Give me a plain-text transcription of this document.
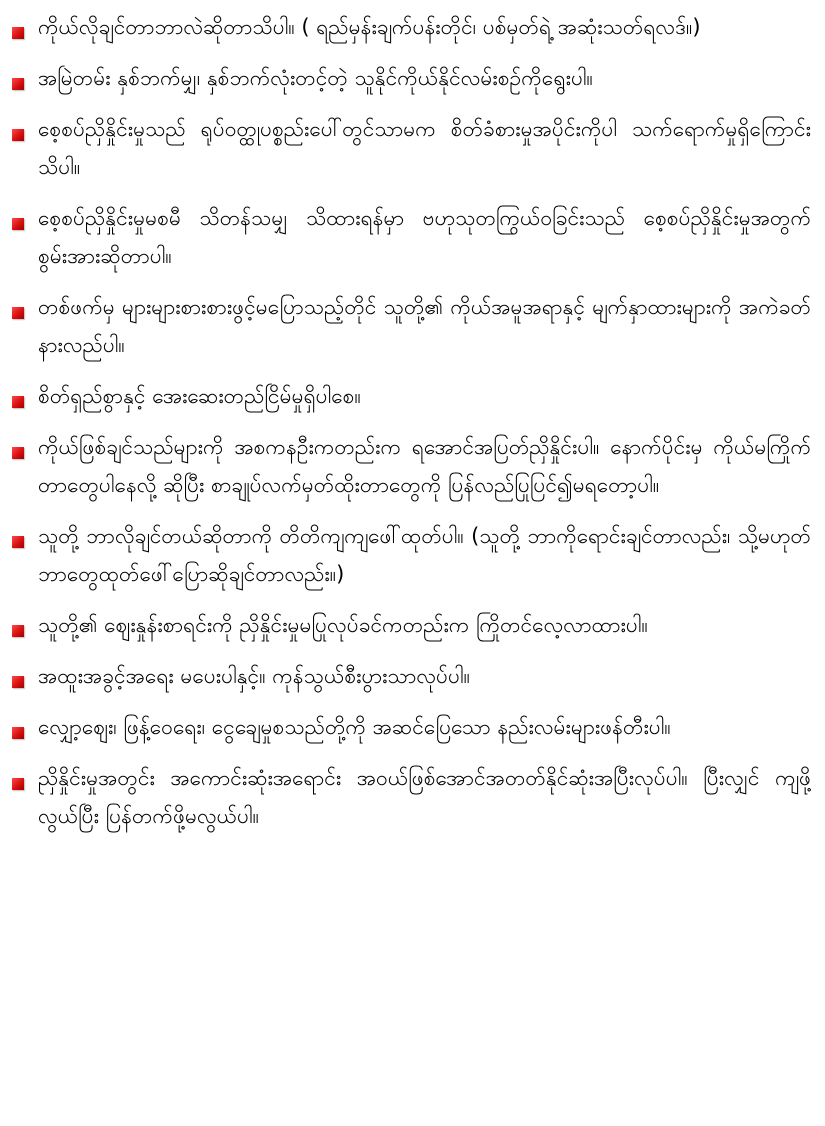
ကိုယ်လိုချင်တာဘာလဲဆိုတာသိပါ။ ( ရည်မှန်းချက်ပန်းတိုင်၊ ပစ်မှတ်ရဲ့ အဆုံးသတ်ရလဒ်။)
အမြဲတမ်း နှစ်ဘက်မျှ၊ နှစ်ဘက်လုံးတင့်တဲ့ သူနိုင်ကိုယ်နိုင်လမ်းစဉ်ကိုရွေးပါ။
စေ့စပ်ညှိနှိုင်းမှုသည် ရုပ်ဝတ္ထုပစ္စည်းပေါ်တွင်သာမက စိတ်ခံစားမှုအပိုင်းကိုပါ သက်ရောက်မှုရှိကြောင်း သိပါ။
စေ့စပ်ညှိနှိုင်းမှုမစမီ သိတန်သမျှ သိထားရန်မှာ ဗဟုသုတကြွယ်ဝခြင်းသည် စေ့စပ်ညှိနှိုင်းမှုအတွက် စွမ်းအားဆိုတာပါ။
တစ်ဖက်မှ များများစားစားဖွင့်မပြောသည့်တိုင် သူတို့၏ ကိုယ်အမူအရာနှင့် မျက်နှာထားများကို အကဲခတ်နားလည်ပါ။
စိတ်ရှည်စွာနှင့် အေးဆေးတည်ငြိမ်မှုရှိပါစေ။
ကိုယ်ဖြစ်ချင်သည်များကို အစကနဦးကတည်းက ရအောင်အပြတ်ညှိနှိုင်းပါ။ နောက်ပိုင်းမှ ကိုယ်မကြိုက်တာတွေပါနေလို့ ဆိုပြီး စာချုပ်လက်မှတ်ထိုးတာတွေကို ပြန်လည်ပြုပြင်၍မရတော့ပါ။
သူတို့ ဘာလိုချင်တယ်ဆိုတာကို တိတိကျကျဖေါ်ထုတ်ပါ။ (သူတို့ ဘာကိုရောင်းချင်တာလည်း၊ သို့မဟုတ်ဘာတွေထုတ်ဖေါ်ပြောဆိုချင်တာလည်း။)
သူတို့၏ ဈေးနှုန်းစာရင်းကို ညှိနှိုင်းမှုမပြုလုပ်ခင်ကတည်းက ကြိုတင်လေ့လာထားပါ။
အထူးအခွင့်အရေး မပေးပါနှင့်။ ကုန်သွယ်စီးပွားသာလုပ်ပါ။
လျှော့ဈေး၊ ဖြန့်ဝေရေး၊ ငွေချေမှုစသည်တို့ကို အဆင်ပြေသော နည်းလမ်းများဖန်တီးပါ။
ညှိနှိုင်းမှုအတွင်း အကောင်းဆုံးအရောင်း အဝယ်ဖြစ်အောင်အတတ်နိုင်ဆုံးအပြီးလုပ်ပါ။ ပြီးလျှင် ကျဖို့လွယ်ပြီး ပြန်တက်ဖို့မလွယ်ပါ။
